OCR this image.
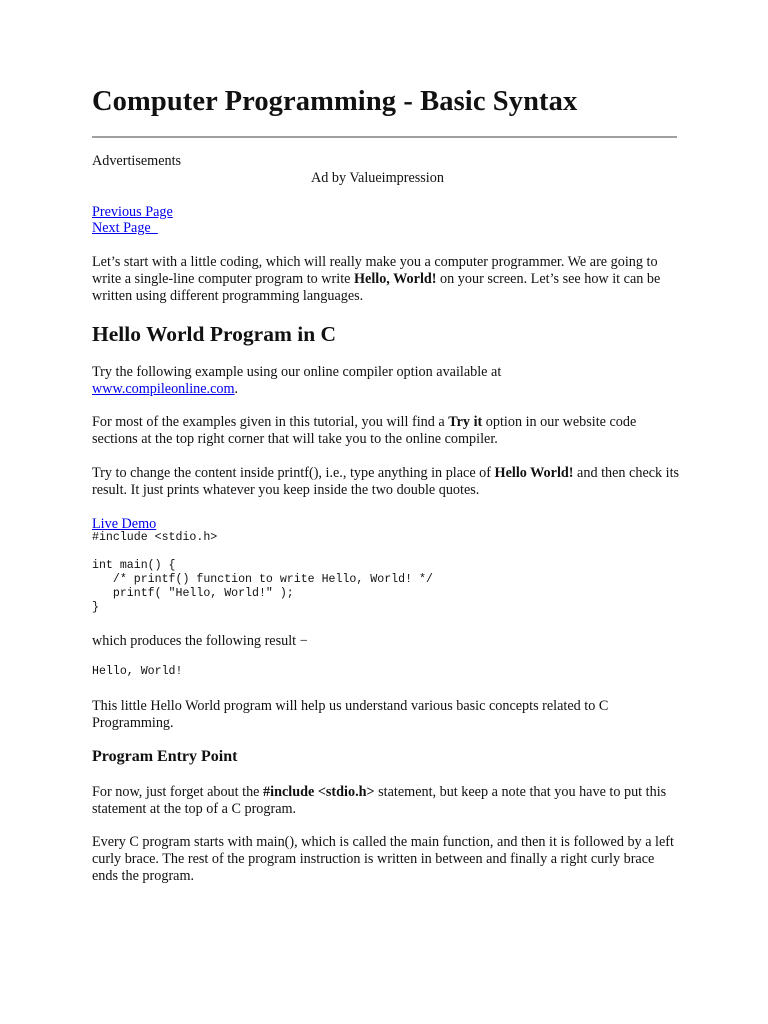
Computer Programming - Basic Syntax
Advertisements
Ad by Valueimpression
Previous Page
Next Page
Let’s start with a little coding, which will really make you a computer programmer. We are going to write a single-line computer program to write Hello, World! on your screen. Let’s see how it can be written using different programming languages.
Hello World Program in C
Try the following example using our online compiler option available at
www.compileonline.com.
For most of the examples given in this tutorial, you will find a Try it option in our website code sections at the top right corner that will take you to the online compiler.
Try to change the content inside printf(), i.e., type anything in place of Hello World! and then check its result. It just prints whatever you keep inside the two double quotes.
Live Demo
#include <stdio.h>

int main() {
/* printf() function to write Hello, World! */
printf( "Hello, World!" );
}
which produces the following result −
Hello, World!
This little Hello World program will help us understand various basic concepts related to C Programming.
Program Entry Point
For now, just forget about the #include <stdio.h> statement, but keep a note that you have to put this statement at the top of a C program.
Every C program starts with main(), which is called the main function, and then it is followed by a left curly brace. The rest of the program instruction is written in between and finally a right curly brace ends the program.
